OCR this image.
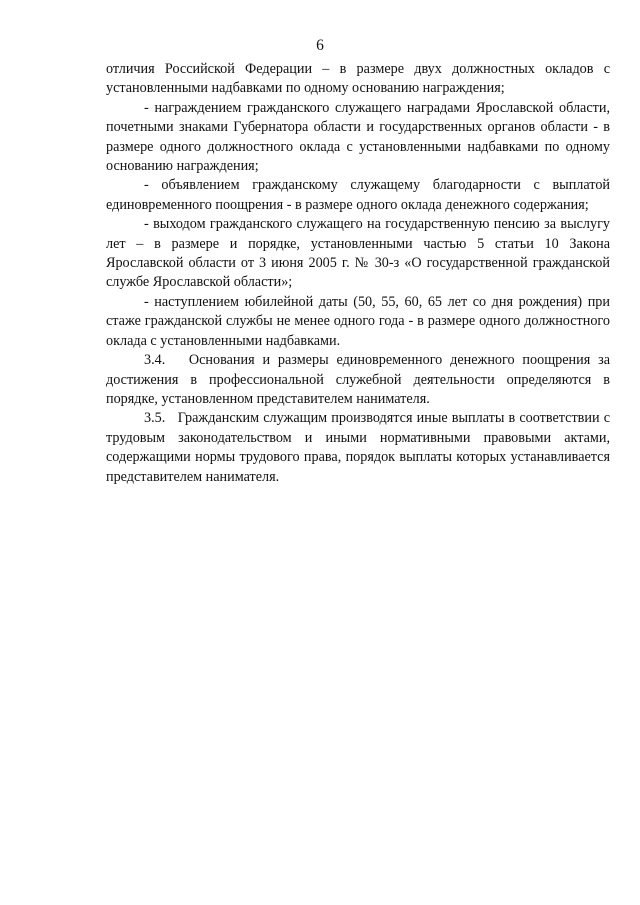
6

отличия Российской Федерации – в размере двух должностных окладов с установленными надбавками по одному основанию награждения;

- награждением гражданского служащего наградами Ярославской области, почетными знаками Губернатора области и государственных органов области - в размере одного должностного оклада с установленными надбавками по одному основанию награждения;

- объявлением гражданскому служащему благодарности с выплатой единовременного поощрения - в размере одного оклада денежного содержания;

- выходом гражданского служащего на государственную пенсию за выслугу лет – в размере и порядке, установленными частью 5 статьи 10 Закона Ярославской области от 3 июня 2005 г. № 30-з «О государственной гражданской службе Ярославской области»;

- наступлением юбилейной даты (50, 55, 60, 65 лет со дня рождения) при стаже гражданской службы не менее одного года - в размере одного должностного оклада с установленными надбавками.

3.4.   Основания и размеры единовременного денежного поощрения за достижения в профессиональной служебной деятельности определяются в порядке, установленном представителем нанимателя.

3.5.   Гражданским служащим производятся иные выплаты в соответствии с трудовым законодательством и иными нормативными правовыми актами, содержащими нормы трудового права, порядок выплаты которых устанавливается представителем нанимателя.
